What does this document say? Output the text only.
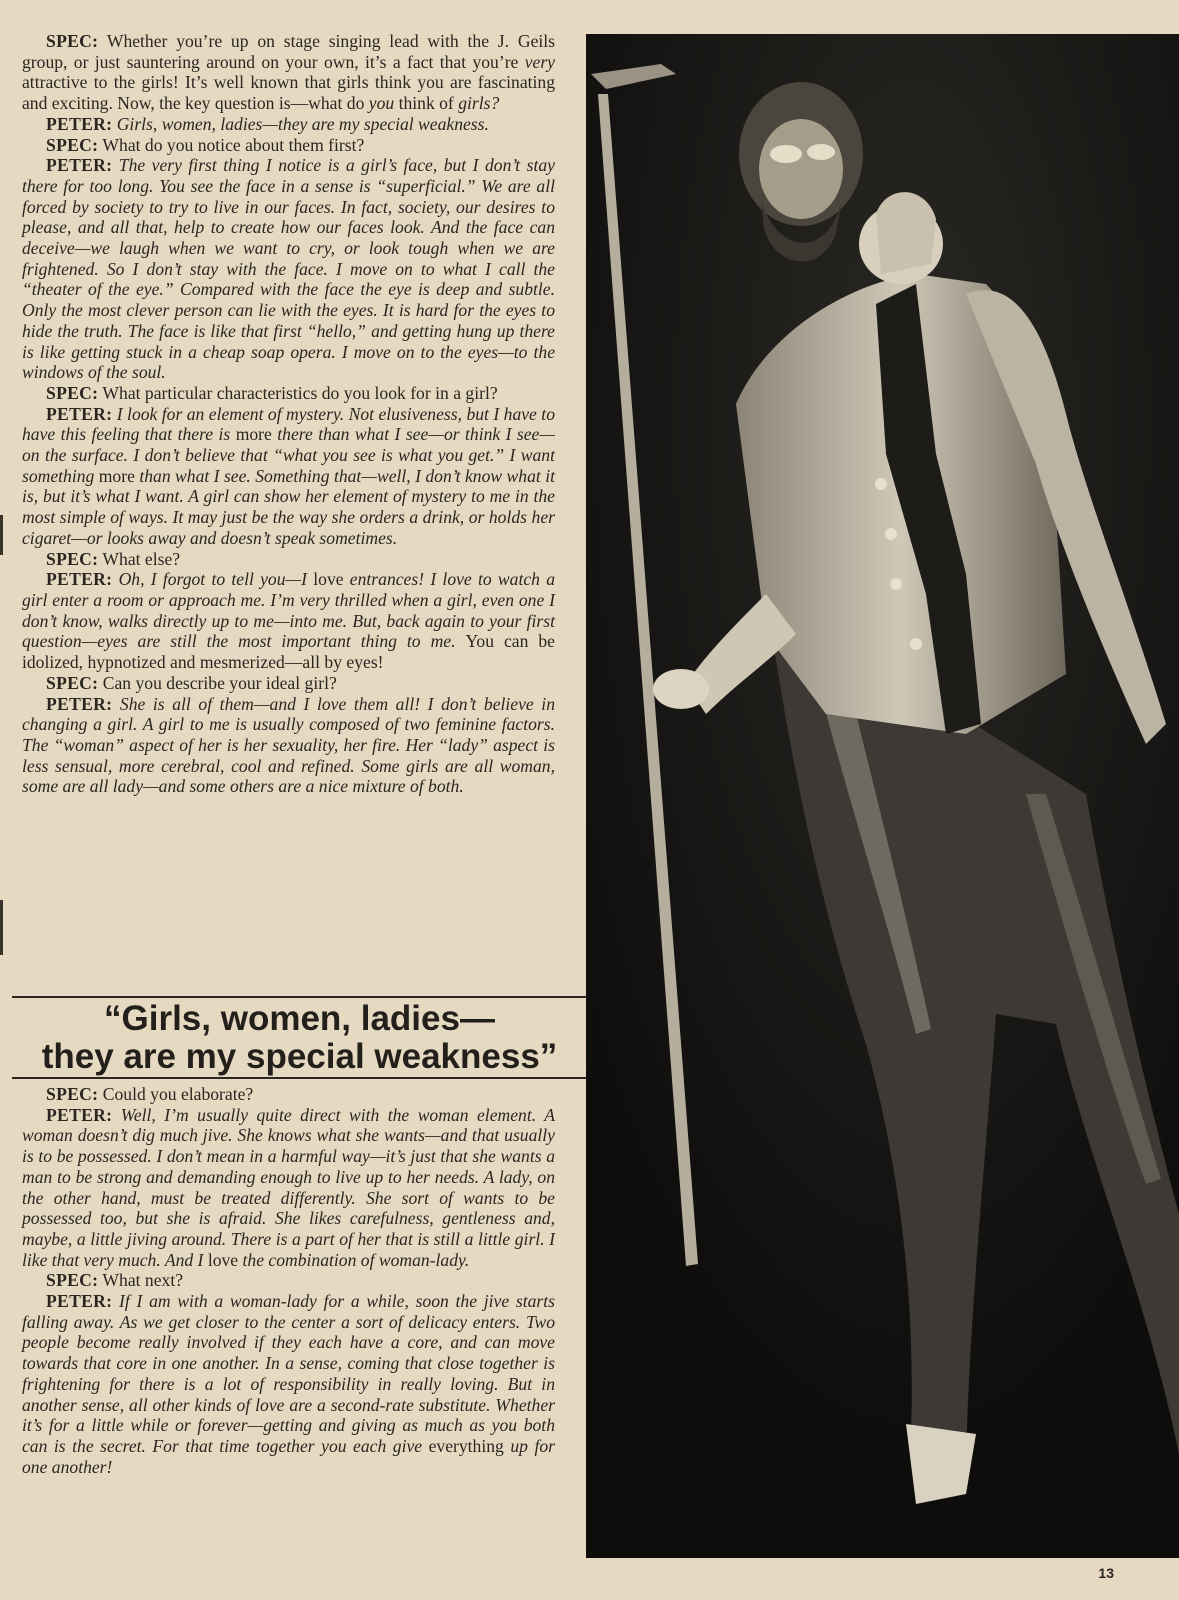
SPEC: Whether you’re up on stage singing lead with the J. Geils group, or just sauntering around on your own, it’s a fact that you’re very attractive to the girls! It’s well known that girls think you are fascinating and exciting. Now, the key question is—what do you think of girls?

PETER: Girls, women, ladies—they are my special weakness.

SPEC: What do you notice about them first?

PETER: The very first thing I notice is a girl’s face, but I don’t stay there for too long. You see the face in a sense is “superficial.” We are all forced by society to try to live in our faces. In fact, society, our desires to please, and all that, help to create how our faces look. And the face can deceive—we laugh when we want to cry, or look tough when we are frightened. So I don’t stay with the face. I move on to what I call the “theater of the eye.” Compared with the face the eye is deep and subtle. Only the most clever person can lie with the eyes. It is hard for the eyes to hide the truth. The face is like that first “hello,” and getting hung up there is like getting stuck in a cheap soap opera. I move on to the eyes—to the windows of the soul.

SPEC: What particular characteristics do you look for in a girl?

PETER: I look for an element of mystery. Not elusiveness, but I have to have this feeling that there is more there than what I see—or think I see—on the surface. I don’t believe that “what you see is what you get.” I want something more than what I see. Something that—well, I don’t know what it is, but it’s what I want. A girl can show her element of mystery to me in the most simple of ways. It may just be the way she orders a drink, or holds her cigaret—or looks away and doesn’t speak sometimes.

SPEC: What else?

PETER: Oh, I forgot to tell you—I love entrances! I love to watch a girl enter a room or approach me. I’m very thrilled when a girl, even one I don’t know, walks directly up to me—into me. But, back again to your first question—eyes are still the most important thing to me. You can be idolized, hypnotized and mesmerized—all by eyes!

SPEC: Can you describe your ideal girl?

PETER: She is all of them—and I love them all! I don’t believe in changing a girl. A girl to me is usually composed of two feminine factors. The “woman” aspect of her is her sexuality, her fire. Her “lady” aspect is less sensual, more cerebral, cool and refined. Some girls are all woman, some are all lady—and some others are a nice mixture of both.

“Girls, women, ladies—
they are my special weakness”

SPEC: Could you elaborate?

PETER: Well, I’m usually quite direct with the woman element. A woman doesn’t dig much jive. She knows what she wants—and that usually is to be possessed. I don’t mean in a harmful way—it’s just that she wants a man to be strong and demanding enough to live up to her needs. A lady, on the other hand, must be treated differently. She sort of wants to be possessed too, but she is afraid. She likes carefulness, gentleness and, maybe, a little jiving around. There is a part of her that is still a little girl. I like that very much. And I love the combination of woman-lady.

SPEC: What next?

PETER: If I am with a woman-lady for a while, soon the jive starts falling away. As we get closer to the center a sort of delicacy enters. Two people become really involved if they each have a core, and can move towards that core in one another. In a sense, coming that close together is frightening for there is a lot of responsibility in really loving. But in another sense, all other kinds of love are a second-rate substitute. Whether it’s for a little while or forever—getting and giving as much as you both can is the secret. For that time together you each give everything up for one another!

13
